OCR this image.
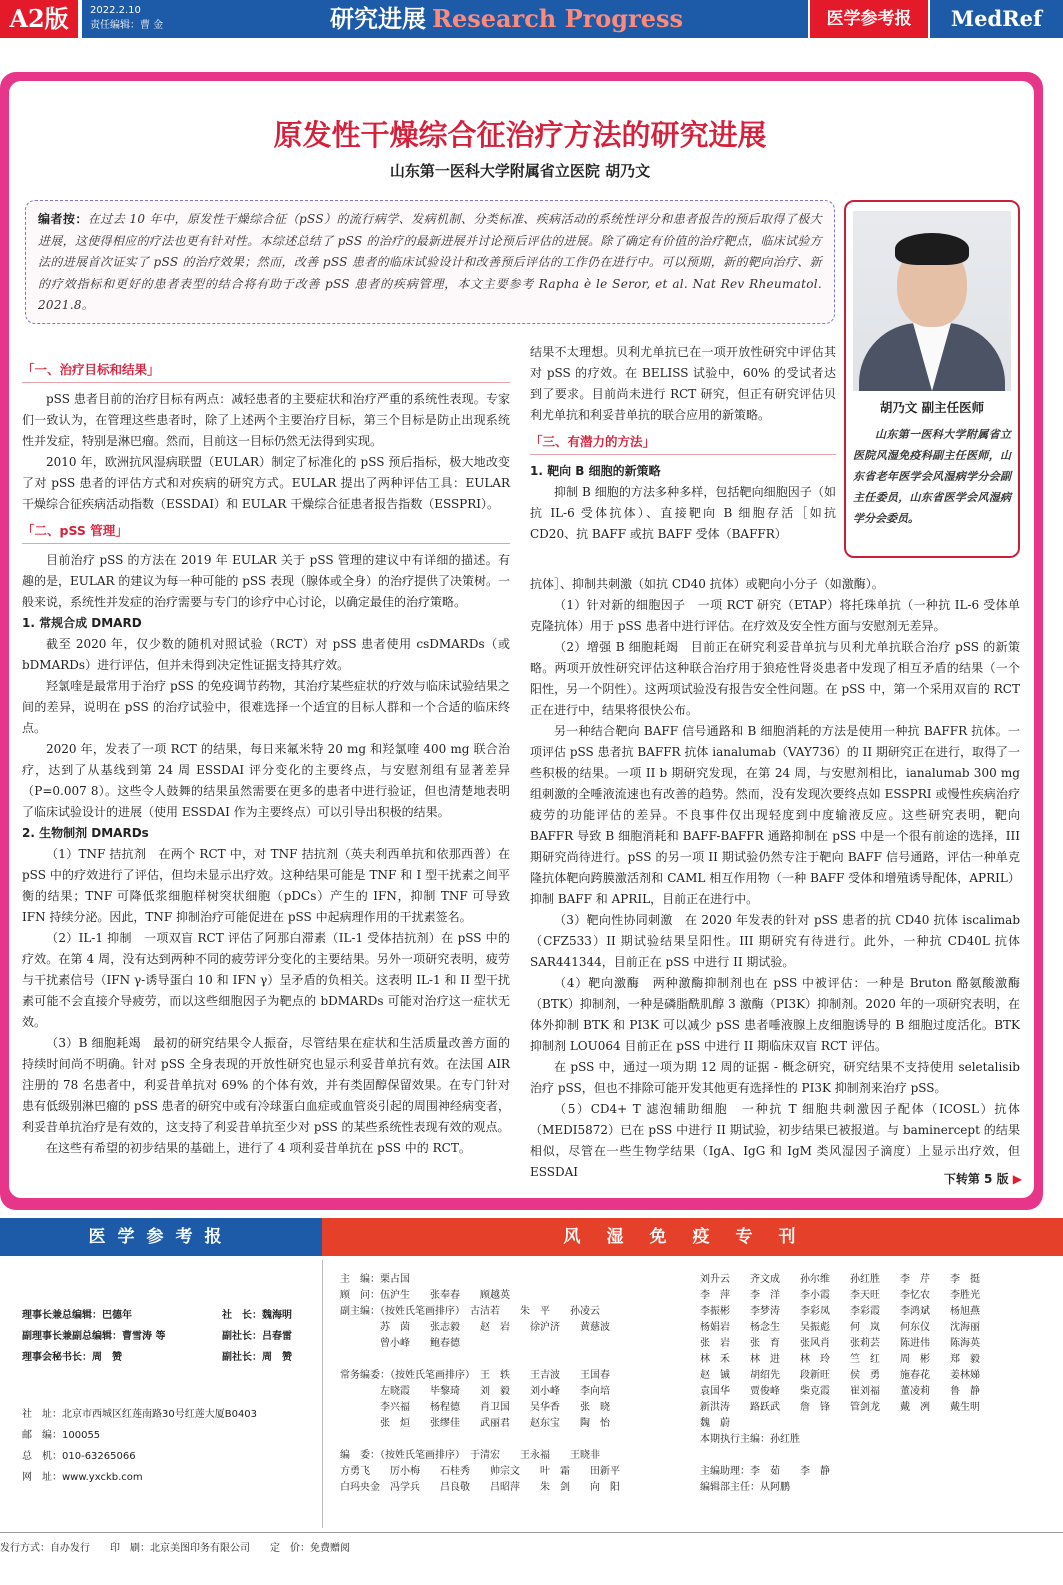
A2版	2022.2.10
责任编辑：曹 金	研究进展 Research Progress	医学参考报	MedRef
原发性干燥综合征治疗方法的研究进展
山东第一医科大学附属省立医院 胡乃文
编者按：在过去 10 年中，原发性干燥综合征（pSS）的流行病学、发病机制、分类标准、疾病活动的系统性评分和患者报告的预后取得了极大进展，这使得相应的疗法也更有针对性。本综述总结了 pSS 的治疗的最新进展并讨论预后评估的进展。除了确定有价值的治疗靶点，临床试验方法的进展首次证实了 pSS 的治疗效果；然而，改善 pSS 患者的临床试验设计和改善预后评估的工作仍在进行中。可以预期，新的靶向治疗、新的疗效指标和更好的患者表型的结合将有助于改善 pSS 患者的疾病管理，本文主要参考 Rapha è le Seror, et al. Nat Rev Rheumatol. 2021.8。
胡乃文 副主任医师
山东第一医科大学附属省立医院风湿免疫科副主任医师，山东省老年医学会风湿病学分会副主任委员，山东省医学会风湿病学分会委员。
「一、治疗目标和结果」

pSS 患者目前的治疗目标有两点：减轻患者的主要症状和治疗严重的系统性表现。专家们一致认为，在管理这些患者时，除了上述两个主要治疗目标，第三个目标是防止出现系统性并发症，特别是淋巴瘤。然而，目前这一目标仍然无法得到实现。

2010 年，欧洲抗风湿病联盟（EULAR）制定了标准化的 pSS 预后指标，极大地改变了对 pSS 患者的评估方式和对疾病的研究方式。EULAR 提出了两种评估工具：EULAR 干燥综合征疾病活动指数（ESSDAI）和 EULAR 干燥综合征患者报告指数（ESSPRI）。

「二、pSS 管理」

目前治疗 pSS 的方法在 2019 年 EULAR 关于 pSS 管理的建议中有详细的描述。有趣的是，EULAR 的建议为每一种可能的 pSS 表现（腺体或全身）的治疗提供了决策树。一般来说，系统性并发症的治疗需要与专门的诊疗中心讨论，以确定最佳的治疗策略。

1. 常规合成 DMARD

截至 2020 年，仅少数的随机对照试验（RCT）对 pSS 患者使用 csDMARDs（或 bDMARDs）进行评估，但并未得到决定性证据支持其疗效。

羟氯喹是最常用于治疗 pSS 的免疫调节药物，其治疗某些症状的疗效与临床试验结果之间的差异，说明在 pSS 的治疗试验中，很难选择一个适宜的目标人群和一个合适的临床终点。

2020 年，发表了一项 RCT 的结果，每日来氟米特 20 mg 和羟氯喹 400 mg 联合治疗，达到了从基线到第 24 周 ESSDAI 评分变化的主要终点，与安慰剂组有显著差异（P=0.007 8）。这些令人鼓舞的结果虽然需要在更多的患者中进行验证，但也清楚地表明了临床试验设计的进展（使用 ESSDAI 作为主要终点）可以引导出积极的结果。

2. 生物制剂 DMARDs

（1）TNF 拮抗剂　在两个 RCT 中，对 TNF 拮抗剂（英夫利西单抗和依那西普）在 pSS 中的疗效进行了评估，但均未显示出疗效。这种结果可能是 TNF 和 I 型干扰素之间平衡的结果；TNF 可降低浆细胞样树突状细胞（pDCs）产生的 IFN，抑制 TNF 可导致 IFN 持续分泌。因此，TNF 抑制治疗可能促进在 pSS 中起病理作用的干扰素签名。

（2）IL-1 抑制　一项双盲 RCT 评估了阿那白滞素（IL-1 受体拮抗剂）在 pSS 中的疗效。在第 4 周，没有达到两种不同的疲劳评分变化的主要结果。另外一项研究表明，疲劳与干扰素信号（IFN γ-诱导蛋白 10 和 IFN γ）呈矛盾的负相关。这表明 IL-1 和 II 型干扰素可能不会直接介导疲劳，而以这些细胞因子为靶点的 bDMARDs 可能对治疗这一症状无效。

（3）B 细胞耗竭　最初的研究结果令人振奋，尽管结果在症状和生活质量改善方面的持续时间尚不明确。针对 pSS 全身表现的开放性研究也显示利妥昔单抗有效。在法国 AIR 注册的 78 名患者中，利妥昔单抗对 69% 的个体有效，并有类固醇保留效果。在专门针对患有低级别淋巴瘤的 pSS 患者的研究中或有冷球蛋白血症或血管炎引起的周围神经病变者，利妥昔单抗治疗是有效的，这支持了利妥昔单抗至少对 pSS 的某些系统性表现有效的观点。

在这些有希望的初步结果的基础上，进行了 4 项利妥昔单抗在 pSS 中的 RCT。

结果不太理想。贝利尤单抗已在一项开放性研究中评估其对 pSS 的疗效。在 BELISS 试验中，60% 的受试者达到了要求。目前尚未进行 RCT 研究，但正有研究评估贝利尤单抗和利妥昔单抗的联合应用的新策略。

「三、有潜力的方法」
1. 靶向 B 细胞的新策略

抑制 B 细胞的方法多种多样，包括靶向细胞因子（如抗 IL-6 受体抗体）、直接靶向 B 细胞存活［如抗 CD20、抗 BAFF 或抗 BAFF 受体（BAFFR）

抗体］、抑制共刺激（如抗 CD40 抗体）或靶向小分子（如激酶）。

（1）针对新的细胞因子　一项 RCT 研究（ETAP）将托珠单抗（一种抗 IL-6 受体单克隆抗体）用于 pSS 患者中进行评估。在疗效及安全性方面与安慰剂无差异。

（2）增强 B 细胞耗竭　目前正在研究利妥昔单抗与贝利尤单抗联合治疗 pSS 的新策略。两项开放性研究评估这种联合治疗用于狼疮性肾炎患者中发现了相互矛盾的结果（一个阳性，另一个阴性）。这两项试验没有报告安全性问题。在 pSS 中，第一个采用双盲的 RCT 正在进行中，结果将很快公布。

另一种结合靶向 BAFF 信号通路和 B 细胞消耗的方法是使用一种抗 BAFFR 抗体。一项评估 pSS 患者抗 BAFFR 抗体 ianalumab（VAY736）的 II 期研究正在进行，取得了一些积极的结果。一项 II b 期研究发现，在第 24 周，与安慰剂相比，ianalumab 300 mg 组刺激的全唾液流速也有改善的趋势。然而，没有发现次要终点如 ESSPRI 或慢性疾病治疗疲劳的功能评估的差异。不良事件仅出现轻度到中度输液反应。这些研究表明，靶向 BAFFR 导致 B 细胞消耗和 BAFF-BAFFR 通路抑制在 pSS 中是一个很有前途的选择，III 期研究尚待进行。pSS 的另一项 II 期试验仍然专注于靶向 BAFF 信号通路，评估一种单克隆抗体靶向跨膜激活剂和 CAML 相互作用物（一种 BAFF 受体和增殖诱导配体，APRIL）抑制 BAFF 和 APRIL，目前正在进行中。

（3）靶向性协同刺激　在 2020 年发表的针对 pSS 患者的抗 CD40 抗体 iscalimab（CFZ533）II 期试验结果呈阳性。III 期研究有待进行。此外，一种抗 CD40L 抗体 SAR441344，目前正在 pSS 中进行 II 期试验。

（4）靶向激酶　两种激酶抑制剂也在 pSS 中被评估：一种是 Bruton 酪氨酸激酶（BTK）抑制剂，一种是磷脂酰肌醇 3 激酶（PI3K）抑制剂。2020 年的一项研究表明，在体外抑制 BTK 和 PI3K 可以减少 pSS 患者唾液腺上皮细胞诱导的 B 细胞过度活化。BTK 抑制剂 LOU064 目前正在 pSS 中进行 II 期临床双盲 RCT 评估。

在 pSS 中，通过一项为期 12 周的证据 - 概念研究，研究结果不支持使用 seletalisib 治疗 pSS，但也不排除可能开发其他更有选择性的 PI3K 抑制剂来治疗 pSS。

（5）CD4+ T 滤泡辅助细胞　一种抗 T 细胞共刺激因子配体（ICOSL）抗体（MEDI5872）已在 pSS 中进行 II 期试验，初步结果已被报道。与 baminercept 的结果相似，尽管在一些生物学结果（IgA、IgG 和 IgM 类风湿因子滴度）上显示出疗效，但 ESSDAI	下转第 5 版 ▶
医学参考报	风湿免疫专刊
理事长兼总编辑：巴德年	社　长：魏海明
副理事长兼副总编辑：曹雪涛 等	副社长：吕春雷
理事会秘书长：周　赞	副社长：周　赞
社　址：北京市西城区红莲南路30号红莲大厦B0403
邮　编：100055
总　机：010-63265066
网　址：www.yxckb.com
主　编：栗占国
顾　问：伍沪生　　张奉春　　顾越英
副主编：（按姓氏笔画排序）　古洁若　　朱　平　　孙凌云
　　　　苏　茵　　张志毅　　赵　岩　　徐沪济　　黄慈波
　　　　曾小峰　　鲍春德

常务编委：（按姓氏笔画排序）　王　轶　　王吉波　　王国春
　　　　左晓霞　　毕黎琦　　刘　毅　　刘小峰　　李向培
　　　　李兴福　　杨程德　　肖卫国　　吴华香　　张　晓
　　　　张　烜　　张缪佳　　武丽君　　赵东宝　　陶　怡

编　委：（按姓氏笔画排序）　于清宏　　王永福　　王晓非
方勇飞　　厉小梅　　石桂秀　　帅宗文　　叶　霜　　田新平
白玛央金　冯学兵　　吕良敬　　吕昭萍　　朱　剑　　向　阳
刘升云　　齐文成　　孙尔维　　孙红胜　　李　芹　　李　挺
李　萍　　李　洋　　李小霞　　李天旺　　李忆农　　李胜光
李振彬　　李梦涛　　李彩凤　　李彩霞　　李鸿斌　　杨旭燕
杨娟岩　　杨念生　　吴振彪　　何　岚　　何东仪　　沈海丽
张　岩　　张　育　　张风肖　　张莉芸　　陈进伟　　陈海英
林　禾　　林　进　　林　玲　　竺　红　　周　彬　　郑　毅
赵　铖　　胡绍先　　段新旺　　侯　勇　　施春花　　姜林娣
袁国华　　贾俊峰　　柴克霞　　崔刘福　　董凌莉　　鲁　静
新洪涛　　路跃武　　詹　锋　　管剑龙　　戴　冽　　戴生明
魏　蔚
本期执行主编：孙红胜

主编助理：李　茹　　李　静
编辑部主任：从阿鹏
发行方式：自办发行　　印　刷：北京美图印务有限公司　　定　价：免费赠阅
